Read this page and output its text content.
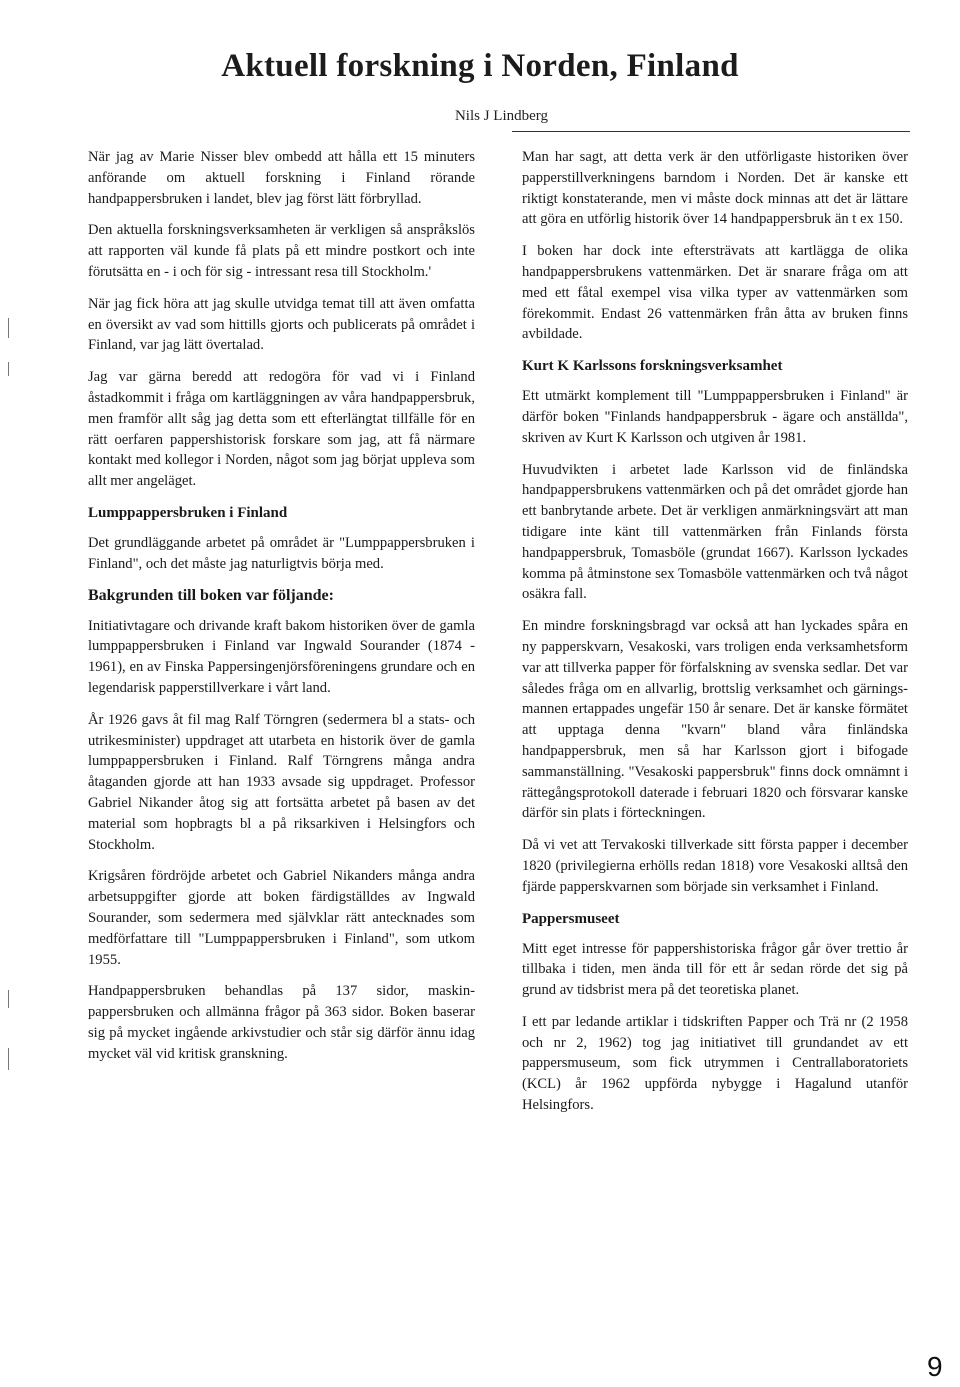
Aktuell forskning i Norden, Finland
Nils J Lindberg

När jag av Marie Nisser blev ombedd att hålla ett 15 minuters anförande om aktuell forskning i Finland rörande handpappersbruken i landet, blev jag först lätt förbryllad.

Den aktuella forskningsverksamheten är verkligen så anspråkslös att rapporten väl kunde få plats på ett mindre postkort och inte förutsätta en - i och för sig - intressant resa till Stockholm.'

När jag fick höra att jag skulle utvidga temat till att även omfatta en översikt av vad som hittills gjorts och publicerats på området i Finland, var jag lätt övertalad.

Jag var gärna beredd att redogöra för vad vi i Finland åstadkommit i fråga om kartläggningen av våra handpappersbruk, men framför allt såg jag detta som ett efterlängtat tillfälle för en rätt oerfaren pappershistorisk forskare som jag, att få närmare kontakt med kollegor i Norden, något som jag börjat uppleva som allt mer angeläget.

Lumppappersbruken i Finland

Det grundläggande arbetet på området är "Lumppappersbruken i Finland", och det måste jag naturligtvis börja med.

Bakgrunden till boken var följande:

Initiativtagare och drivande kraft bakom historiken över de gamla lumppappersbruken i Finland var Ingwald Sourander (1874 - 1961), en av Finska Pappersingenjörsföreningens grundare och en legendarisk papperstillverkare i vårt land.

År 1926 gavs åt fil mag Ralf Törngren (sedermera bl a stats- och utrikesminister) uppdraget att utarbeta en historik över de gamla lumppappersbruken i Finland. Ralf Törngrens många andra åtaganden gjorde att han 1933 avsade sig uppdraget. Professor Gabriel Nikander åtog sig att fortsätta arbetet på basen av det material som hopbragts bl a på riksarkiven i Helsingfors och Stockholm.

Krigsåren fördröjde arbetet och Gabriel Nikanders många andra arbetsuppgifter gjorde att boken färdigställdes av Ingwald Sourander, som sedermera med självklar rätt antecknades som medförfattare till "Lumppappersbruken i Finland", som utkom 1955.

Handpappersbruken behandlas på 137 sidor, maskinpappersbruken och allmänna frågor på 363 sidor. Boken baserar sig på mycket ingående arkivstudier och står sig därför ännu idag mycket väl vid kritisk granskning.

Man har sagt, att detta verk är den utförligaste historiken över papperstillverkningens barndom i Norden. Det är kanske ett riktigt konstaterande, men vi måste dock minnas att det är lättare att göra en utförlig historik över 14 handpappersbruk än t ex 150.

I boken har dock inte eftersträvats att kartlägga de olika handpappersbrukens vattenmärken. Det är snarare fråga om att med ett fåtal exempel visa vilka typer av vattenmärken som förekommit. Endast 26 vattenmärken från åtta av bruken finns avbildade.

Kurt K Karlssons forskningsverksamhet

Ett utmärkt komplement till "Lumppappersbruken i Finland" är därför boken "Finlands handpappersbruk - ägare och anställda", skriven av Kurt K Karlsson och utgiven år 1981.

Huvudvikten i arbetet lade Karlsson vid de finländska handpappersbrukens vattenmärken och på det området gjorde han ett banbrytande arbete. Det är verkligen anmärkningsvärt att man tidigare inte känt till vattenmärken från Finlands första handpappersbruk, Tomasböle (grundat 1667). Karlsson lyckades komma på åtminstone sex Tomasböle vattenmärken och två något osäkra fall.

En mindre forskningsbragd var också att han lyckades spåra en ny papperskvarn, Vesakoski, vars troligen enda verksamhetsform var att tillverka papper för förfalskning av svenska sedlar. Det var således fråga om en allvarlig, brottslig verksamhet och gärningsmannen ertappades ungefär 150 år senare. Det är kanske förmätet att upptaga denna "kvarn" bland våra finländska handpappersbruk, men så har Karlsson gjort i bifogade sammanställning. "Vesakoski pappersbruk" finns dock omnämnt i rättegångsprotokoll daterade i februari 1820 och försvarar kanske därför sin plats i förteckningen.

Då vi vet att Tervakoski tillverkade sitt första papper i december 1820 (privilegierna erhölls redan 1818) vore Vesakoski alltså den fjärde papperskvarnen som började sin verksamhet i Finland.

Pappersmuseet

Mitt eget intresse för pappershistoriska frågor går över trettio år tillbaka i tiden, men ända till för ett år sedan rörde det sig på grund av tidsbrist mera på det teoretiska planet.

I ett par ledande artiklar i tidskriften Papper och Trä nr (2 1958 och nr 2, 1962) tog jag initiativet till grundandet av ett pappersmuseum, som fick utrymmen i Centrallaboratoriets (KCL) år 1962 uppförda nybygge i Hagalund utanför Helsingfors.

9
